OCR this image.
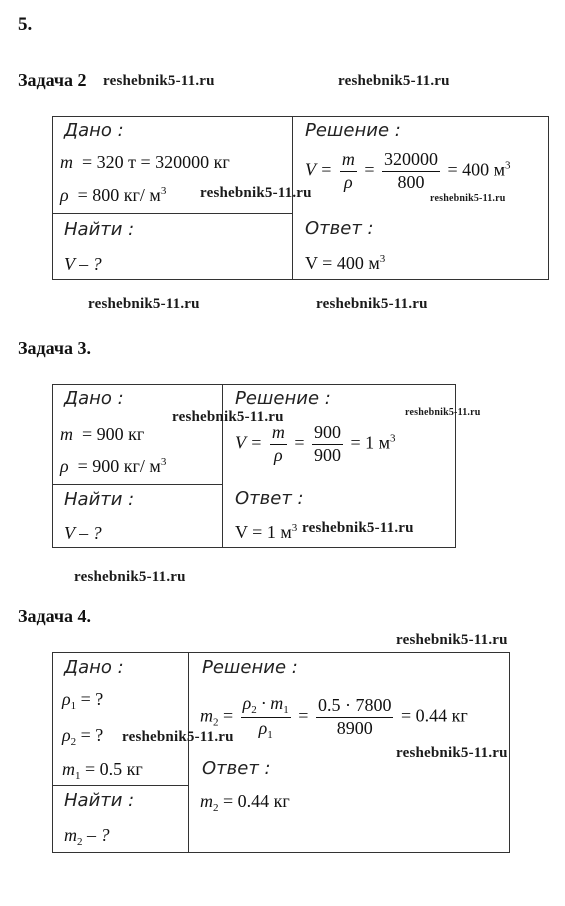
5.
Задача 2 reshebnik5-11.ru	reshebnik5-11.ru
Дано :
m = 320 т = 320000 кг
ρ = 800 кг/ $м^3$ reshebnik5-11.ru
Найти :
V – ?
Решение :
$V = \frac{m}{\rho} = \frac{320000}{800} = 400$ $м^3$
reshebnik5-11.ru
Ответ :
V = 400 $м^3$
reshebnik5-11.ru	reshebnik5-11.ru
Задача 3.
Дано :
m = 900 кг
ρ = 900 кг/ $м^3$
Найти :
V – ?
Решение :
reshebnik5-11.ru	reshebnik5-11.ru
$V = \frac{m}{\rho} = \frac{900}{900} = 1$ $м^3$
Ответ :
V = 1 $м^3$ reshebnik5-11.ru
reshebnik5-11.ru
Задача 4.
reshebnik5-11.ru
Дано :
$\rho_1$ = ?
$\rho_2$ = ? reshebnik5-11.ru
$m_1 = 0.5$ кг
Найти :
$m_2$ – ?
Решение :
$m_2 = \frac{\rho_2 \cdot m_1}{\rho_1} = \frac{0.5 \cdot 7800}{8900} = 0.44$ кг
reshebnik5-11.ru
Ответ :
$m_2 = 0.44$ кг
